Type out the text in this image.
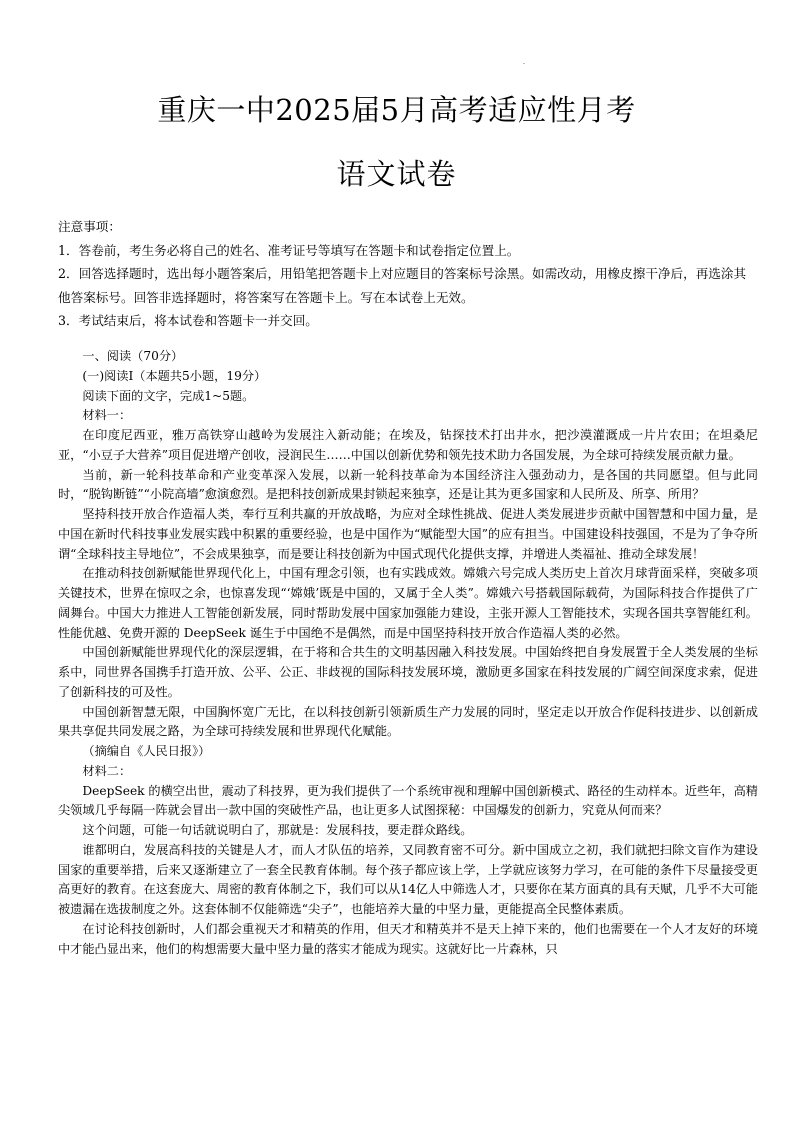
·
重庆一中2025届5月高考适应性月考
语文试卷

注意事项：

1．答卷前，考生务必将自己的姓名、准考证号等填写在答题卡和试卷指定位置上。

2．回答选择题时，选出每小题答案后，用铅笔把答题卡上对应题目的答案标号涂黑。如需改动，用橡皮擦干净后，再选涂其他答案标号。回答非选择题时，将答案写在答题卡上。写在本试卷上无效。

3．考试结束后，将本试卷和答题卡一并交回。

一、阅读（70分）

(一)阅读Ⅰ（本题共5小题，19分）

阅读下面的文字，完成1~5题。

材料一：

在印度尼西亚，雅万高铁穿山越岭为发展注入新动能；在埃及，钻探技术打出井水，把沙漠灌溉成一片片农田；在坦桑尼亚，“小豆子大营养”项目促进增产创收，浸润民生……中国以创新优势和领先技术助力各国发展，为全球可持续发展贡献力量。

当前，新一轮科技革命和产业变革深入发展，以新一轮科技革命为本国经济注入强劲动力，是各国的共同愿望。但与此同时，“脱钩断链”“小院高墙”愈演愈烈。是把科技创新成果封锁起来独享，还是让其为更多国家和人民所及、所享、所用？

坚持科技开放合作造福人类，奉行互利共赢的开放战略，为应对全球性挑战、促进人类发展进步贡献中国智慧和中国力量，是中国在新时代科技事业发展实践中积累的重要经验，也是中国作为“赋能型大国”的应有担当。中国建设科技强国，不是为了争夺所谓“全球科技主导地位”，不会成果独享，而是要让科技创新为中国式现代化提供支撑，并增进人类福祉、推动全球发展！

在推动科技创新赋能世界现代化上，中国有理念引领，也有实践成效。嫦娥六号完成人类历史上首次月球背面采样，突破多项关键技术，世界在惊叹之余，也惊喜发现“‘嫦娥’既是中国的，又属于全人类”。嫦娥六号搭载国际载荷，为国际科技合作提供了广阔舞台。中国大力推进人工智能创新发展，同时帮助发展中国家加强能力建设，主张开源人工智能技术，实现各国共享智能红利。性能优越、免费开源的 DeepSeek 诞生于中国绝不是偶然，而是中国坚持科技开放合作造福人类的必然。

中国创新赋能世界现代化的深层逻辑，在于将和合共生的文明基因融入科技发展。中国始终把自身发展置于全人类发展的坐标系中，同世界各国携手打造开放、公平、公正、非歧视的国际科技发展环境，激励更多国家在科技发展的广阔空间深度求索，促进了创新科技的可及性。

中国创新智慧无限，中国胸怀宽广无比，在以科技创新引领新质生产力发展的同时，坚定走以开放合作促科技进步、以创新成果共享促共同发展之路，为全球可持续发展和世界现代化赋能。

（摘编自《人民日报》）

材料二：

DeepSeek 的横空出世，震动了科技界，更为我们提供了一个系统审视和理解中国创新模式、路径的生动样本。近些年，高精尖领域几乎每隔一阵就会冒出一款中国的突破性产品，也让更多人试图探秘：中国爆发的创新力，究竟从何而来？

这个问题，可能一句话就说明白了，那就是：发展科技，要走群众路线。

谁都明白，发展高科技的关键是人才，而人才队伍的培养，又同教育密不可分。新中国成立之初，我们就把扫除文盲作为建设国家的重要举措，后来又逐渐建立了一套全民教育体制。每个孩子都应该上学，上学就应该努力学习，在可能的条件下尽量接受更高更好的教育。在这套庞大、周密的教育体制之下，我们可以从14亿人中筛选人才，只要你在某方面真的具有天赋，几乎不大可能被遗漏在选拔制度之外。这套体制不仅能筛选“尖子”，也能培养大量的中坚力量，更能提高全民整体素质。

在讨论科技创新时，人们都会重视天才和精英的作用，但天才和精英并不是天上掉下来的，他们也需要在一个人才友好的环境中才能凸显出来，他们的构想需要大量中坚力量的落实才能成为现实。这就好比一片森林，只
